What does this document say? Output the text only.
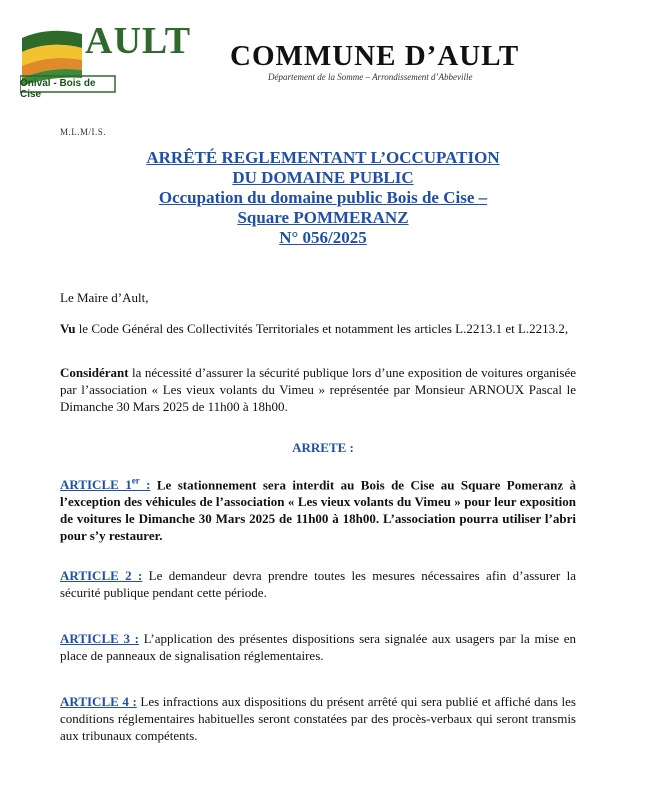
AULT
Onival - Bois de Cise
COMMUNE D’AULT
Département de la Somme – Arrondissement d’Abbeville
M.L.M/I.S.
ARRÊTÉ REGLEMENTANT L’OCCUPATION
DU DOMAINE PUBLIC
Occupation du domaine public Bois de Cise –
Square POMMERANZ
N° 056/2025
Le Maire d’Ault,
Vu le Code Général des Collectivités Territoriales et notamment les articles L.2213.1 et L.2213.2,
Considérant la nécessité d’assurer la sécurité publique lors d’une exposition de voitures organisée par l’association « Les vieux volants du Vimeu » représentée par Monsieur ARNOUX Pascal le Dimanche 30 Mars 2025 de 11h00 à 18h00.
ARRETE :
ARTICLE 1er : Le stationnement sera interdit au Bois de Cise au Square Pomeranz à l’exception des véhicules de l’association « Les vieux volants du Vimeu » pour leur exposition de voitures le Dimanche 30 Mars 2025 de 11h00 à 18h00. L’association pourra utiliser l’abri pour s’y restaurer.
ARTICLE 2 : Le demandeur devra prendre toutes les mesures nécessaires afin d’assurer la sécurité publique pendant cette période.
ARTICLE 3 : L’application des présentes dispositions sera signalée aux usagers par la mise en place de panneaux de signalisation réglementaires.
ARTICLE 4 : Les infractions aux dispositions du présent arrêté qui sera publié et affiché dans les conditions réglementaires habituelles seront constatées par des procès-verbaux qui seront transmis aux tribunaux compétents.
